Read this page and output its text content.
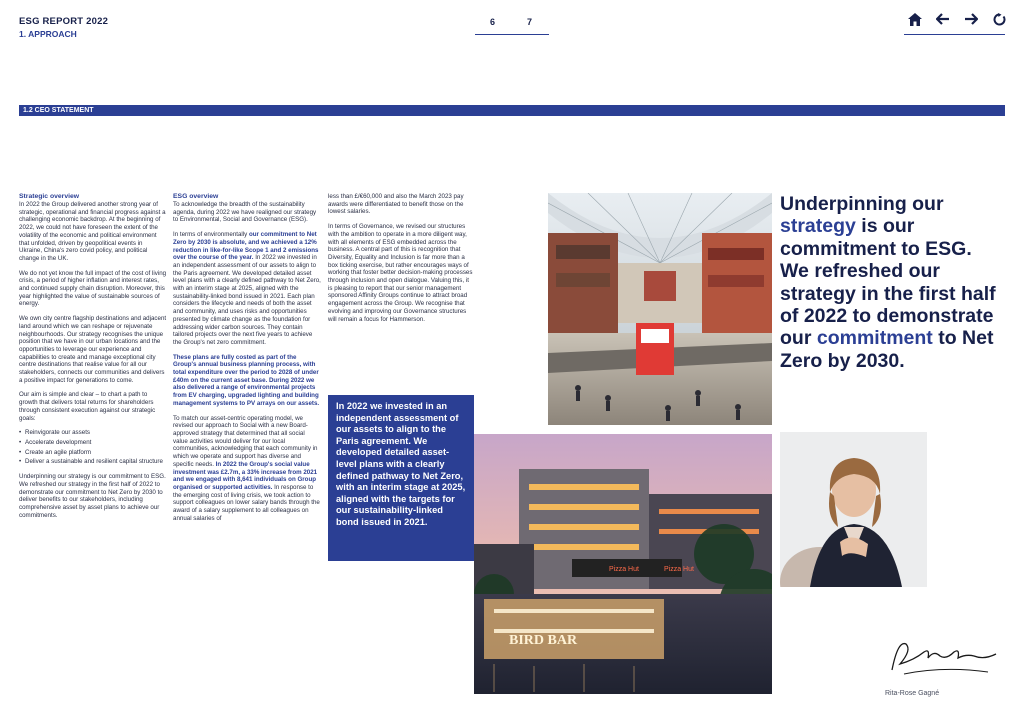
ESG REPORT 2022
1. APPROACH
6	7
1.2 CEO STATEMENT
Strategic overview

In 2022 the Group delivered another strong year of strategic, operational and financial progress against a challenging economic backdrop. At the beginning of 2022, we could not have foreseen the extent of the volatility of the economic and political environment that unfolded, driven by geopolitical events in Ukraine, China's zero covid policy, and political change in the UK.

We do not yet know the full impact of the cost of living crisis, a period of higher inflation and interest rates, and continued supply chain disruption. Moreover, this year highlighted the value of sustainable sources of energy.

We own city centre flagship destinations and adjacent land around which we can reshape or rejuvenate neighbourhoods. Our strategy recognises the unique position that we have in our urban locations and the opportunities to leverage our experience and capabilities to create and manage exceptional city centre destinations that realise value for all our stakeholders, connects our communities and delivers a positive impact for generations to come.

Our aim is simple and clear – to chart a path to growth that delivers total returns for shareholders through consistent execution against our strategic goals:

• Reinvigorate our assets
• Accelerate development
• Create an agile platform
• Deliver a sustainable and resilient capital structure

Underpinning our strategy is our commitment to ESG. We refreshed our strategy in the first half of 2022 to demonstrate our commitment to Net Zero by 2030 to deliver benefits to our stakeholders, including comprehensive asset by asset plans to achieve our commitments.

ESG overview

To acknowledge the breadth of the sustainability agenda, during 2022 we have realigned our strategy to Environmental, Social and Governance (ESG).

In terms of environmentally our commitment to Net Zero by 2030 is absolute, and we achieved a 12% reduction in like-for-like Scope 1 and 2 emissions over the course of the year. In 2022 we invested in an independent assessment of our assets to align to the Paris agreement. We developed detailed asset level plans with a clearly defined pathway to Net Zero, with an interim stage at 2025, aligned with the sustainability-linked bond issued in 2021. Each plan considers the lifecycle and needs of both the asset and community, and uses risks and opportunities presented by climate change as the foundation for addressing wider carbon sources. They contain tailored projects over the next five years to achieve the Group's net zero commitment.

These plans are fully costed as part of the Group's annual business planning process, with total expenditure over the period to 2028 of under £40m on the current asset base. During 2022 we also delivered a range of environmental projects from EV charging, upgraded lighting and building management systems to PV arrays on our assets.

To match our asset-centric operating model, we revised our approach to Social with a new Board-approved strategy that determined that all social value activities would deliver for our local communities, acknowledging that each community in which we operate and support has diverse and specific needs. In 2022 the Group's social value investment was £2.7m, a 33% increase from 2021 and we engaged with 8,641 individuals on Group organised or supported activities. In response to the emerging cost of living crisis, we took action to support colleagues on lower salary bands through the award of a salary supplement to all colleagues on annual salaries of

less than £/€60,000 and also the March 2023 pay awards were differentiated to benefit those on the lowest salaries.

In terms of Governance, we revised our structures with the ambition to operate in a more diligent way, with all elements of ESG embedded across the business. A central part of this is recognition that Diversity, Equality and Inclusion is far more than a box ticking exercise, but rather encourages ways of working that foster better decision-making processes through inclusion and open dialogue. Valuing this, it is pleasing to report that our senior management sponsored Affinity Groups continue to attract broad engagement across the Group. We recognise that evolving and improving our Governance structures will remain a focus for Hammerson.

Pizza Hut	Pizza Hut
BIRD BAR
In 2022 we invested in an independent assessment of our assets to align to the Paris agreement. We developed detailed asset-level plans with a clearly defined pathway to Net Zero, with an interim stage at 2025, aligned with the targets for our sustainability-linked bond issued in 2021.
Underpinning our strategy is our commitment to ESG. We refreshed our strategy in the first half of 2022 to demonstrate our commitment to Net Zero by 2030.
Rita-Rose Gagné
